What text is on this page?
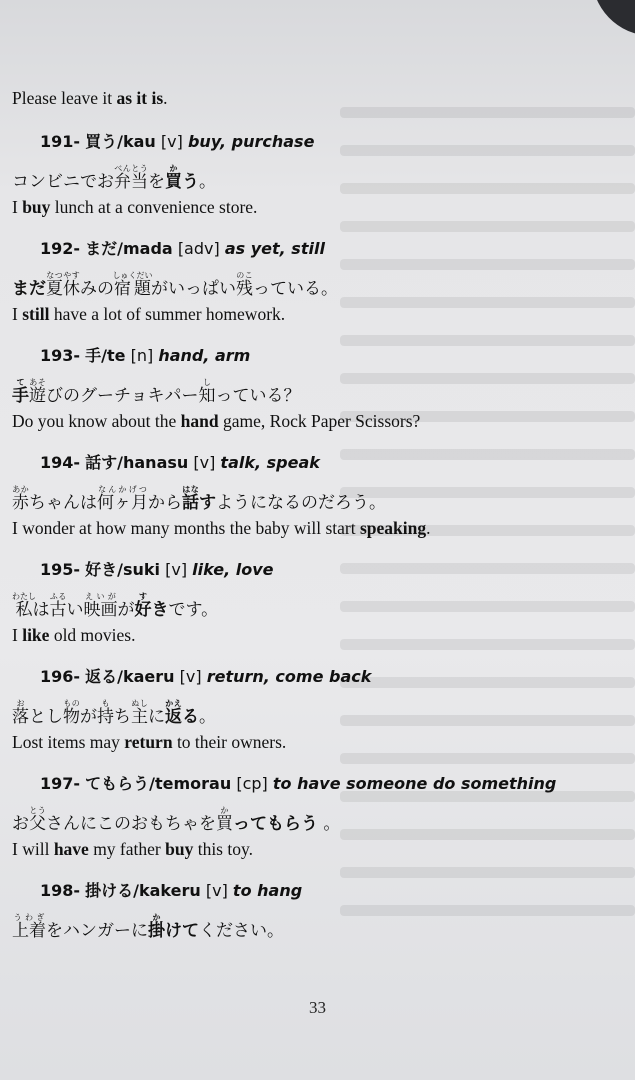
Please leave it as it is.

191- 買う/kau [v] buy, purchase
コンビニでお弁当べんとうを買かう。
I buy lunch at a convenience store.
192- まだ/mada [adv] as yet, still
まだ夏休なつやすみの宿題しゅくだいがいっぱい残のこっている。
I still have a lot of summer homework.
193- 手/te [n] hand, arm
手て遊あそびのグーチョキパー知しっている？
Do you know about the hand game, Rock Paper Scissors?
194- 話す/hanasu [v] talk, speak
赤あかちゃんは何ヶ月なんかげつから話はなすようになるのだろう。
I wonder at how many months the baby will start speaking.
195- 好き/suki [v] like, love
私わたしは古ふるい映画えいがが好すきです。
I like old movies.
196- 返る/kaeru [v] return, come back
落おとし物ものが持もち主ぬしに返かえる。
Lost items may return to their owners.
197- てもらう/temorau [cp] to have someone do something
お父とうさんにこのおもちゃを買かってもらう 。
I will have my father buy this toy.
198- 掛ける/kakeru [v] to hang
上着うわぎをハンガーに掛かけてください。
33
